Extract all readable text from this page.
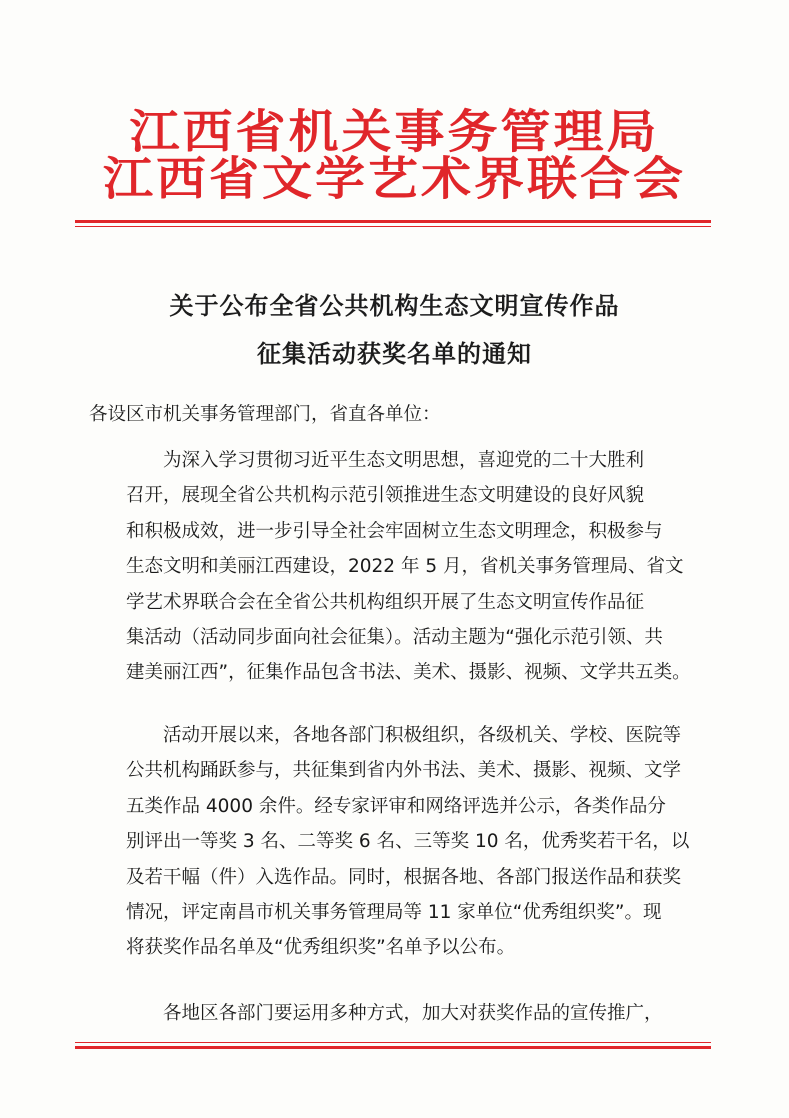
江西省机关事务管理局
江西省文学艺术界联合会
关于公布全省公共机构生态文明宣传作品
征集活动获奖名单的通知
各设区市机关事务管理部门，省直各单位：
为深入学习贯彻习近平生态文明思想，喜迎党的二十大胜利
召开，展现全省公共机构示范引领推进生态文明建设的良好风貌
和积极成效，进一步引导全社会牢固树立生态文明理念，积极参与
生态文明和美丽江西建设，2022 年 5 月，省机关事务管理局、省文
学艺术界联合会在全省公共机构组织开展了生态文明宣传作品征
集活动（活动同步面向社会征集）。活动主题为“强化示范引领、共
建美丽江西”，征集作品包含书法、美术、摄影、视频、文学共五类。
活动开展以来，各地各部门积极组织，各级机关、学校、医院等
公共机构踊跃参与，共征集到省内外书法、美术、摄影、视频、文学
五类作品 4000 余件。经专家评审和网络评选并公示，各类作品分
别评出一等奖 3 名、二等奖 6 名、三等奖 10 名，优秀奖若干名，以
及若干幅（件）入选作品。同时，根据各地、各部门报送作品和获奖
情况，评定南昌市机关事务管理局等 11 家单位“优秀组织奖”。现
将获奖作品名单及“优秀组织奖”名单予以公布。
各地区各部门要运用多种方式，加大对获奖作品的宣传推广，
